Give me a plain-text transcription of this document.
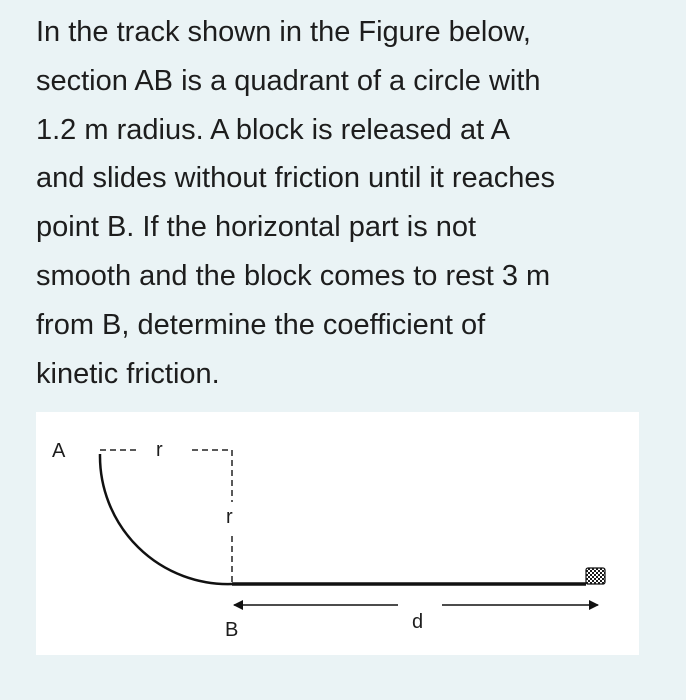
In the track shown in the Figure below,
section AB is a quadrant of a circle with
1.2 m radius. A block is released at A
and slides without friction until it reaches
point B. If the horizontal part is not
smooth and the block comes to rest 3 m
from B, determine the coefficient of
kinetic friction.
A	r
r
B	d
